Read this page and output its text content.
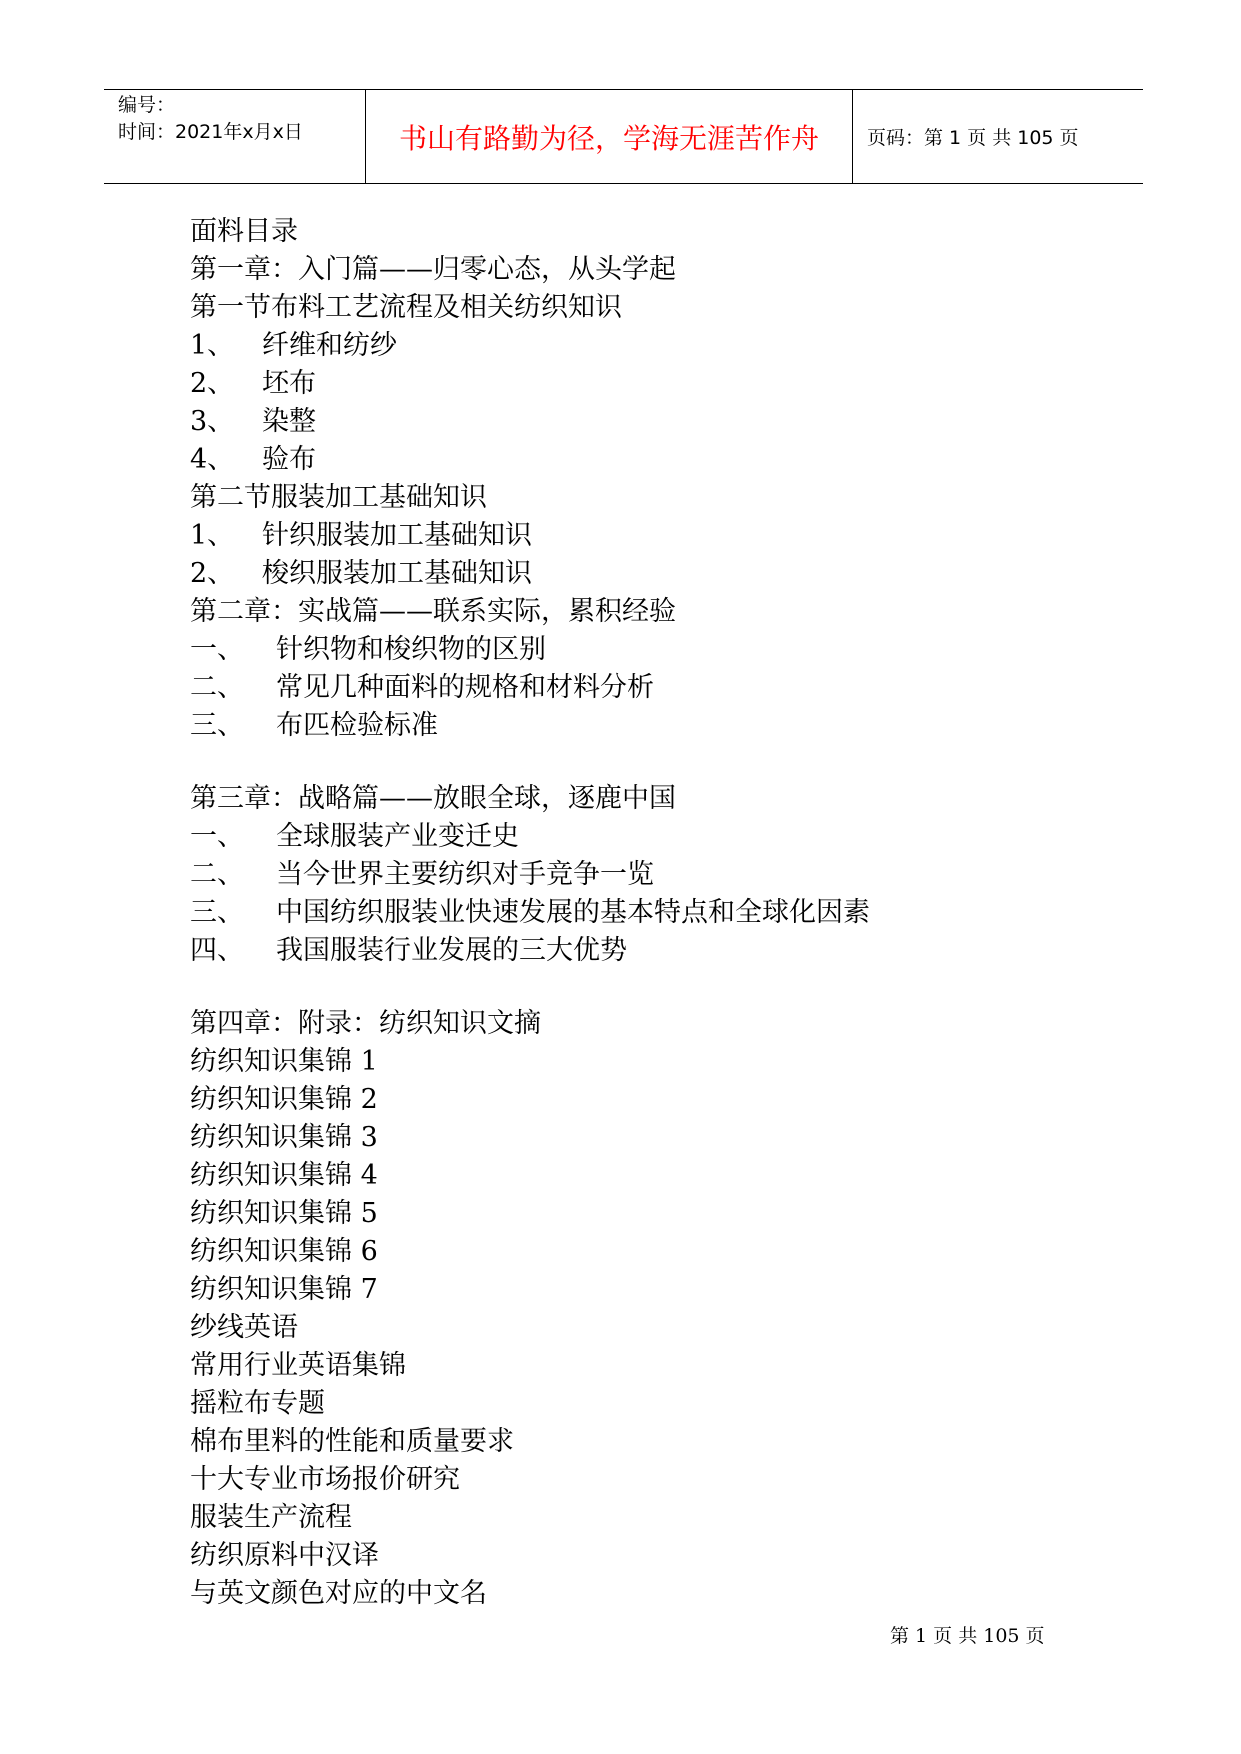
编号：
时间：2021年x月x日	书山有路勤为径，学海无涯苦作舟	页码：第 1 页 共 105 页
面料目录
第一章：入门篇——归零心态，从头学起
第一节布料工艺流程及相关纺织知识
1、 纤维和纺纱
2、 坯布
3、 染整
4、 验布
第二节服装加工基础知识
1、 针织服装加工基础知识
2、 梭织服装加工基础知识
第二章：实战篇——联系实际，累积经验
一、 针织物和梭织物的区别
二、 常见几种面料的规格和材料分析
三、 布匹检验标准
第三章：战略篇——放眼全球，逐鹿中国
一、 全球服装产业变迁史
二、 当今世界主要纺织对手竞争一览
三、 中国纺织服装业快速发展的基本特点和全球化因素
四、 我国服装行业发展的三大优势
第四章：附录：纺织知识文摘
纺织知识集锦 1
纺织知识集锦 2
纺织知识集锦 3
纺织知识集锦 4
纺织知识集锦 5
纺织知识集锦 6
纺织知识集锦 7
纱线英语
常用行业英语集锦
摇粒布专题
棉布里料的性能和质量要求
十大专业市场报价研究
服装生产流程
纺织原料中汉译
与英文颜色对应的中文名
第 1 页 共 105 页
